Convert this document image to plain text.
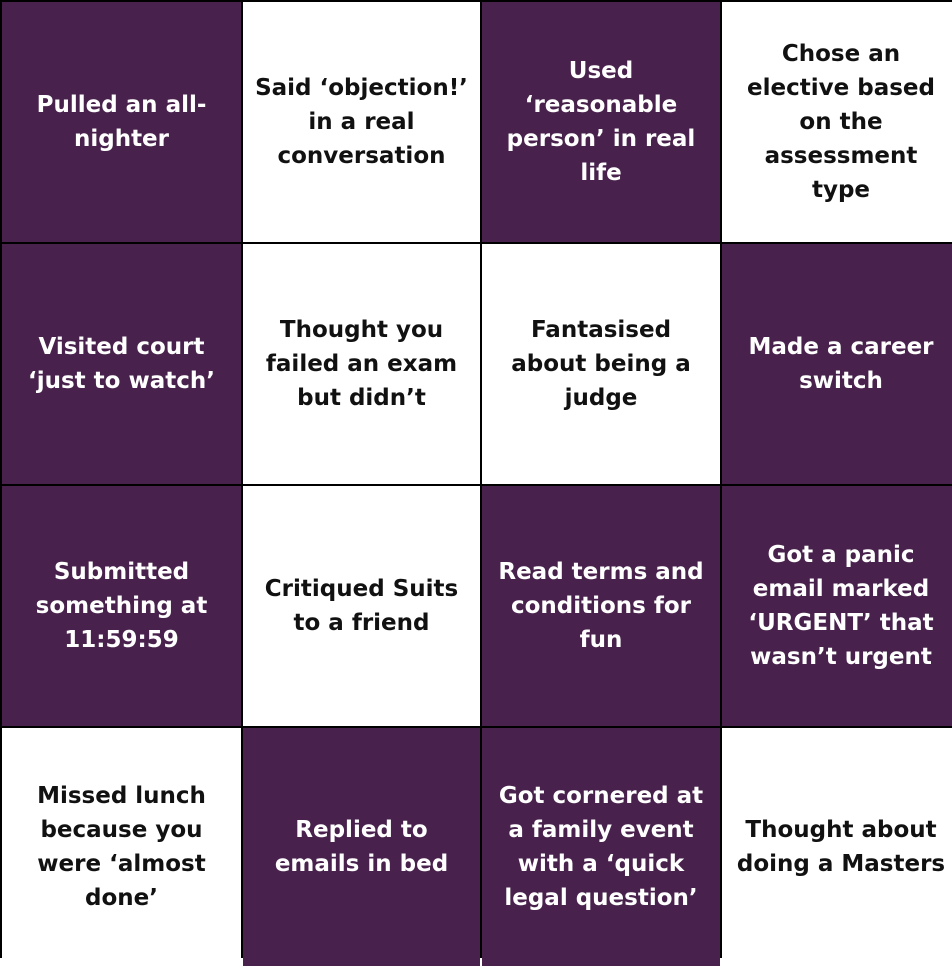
Pulled an all-nighter
Said ‘objection!’ in a real conversation
Used ‘reasonable person’ in real life
Chose an elective based on the assessment type
Visited court ‘just to watch’
Thought you failed an exam but didn’t
Fantasised about being a judge
Made a career switch
Submitted something at 11:59:59
Critiqued Suits to a friend
Read terms and conditions for fun
Got a panic email marked ‘URGENT’ that wasn’t urgent
Missed lunch because you were ‘almost done’
Replied to emails in bed
Got cornered at a family event with a ‘quick legal question’
Thought about doing a Masters
